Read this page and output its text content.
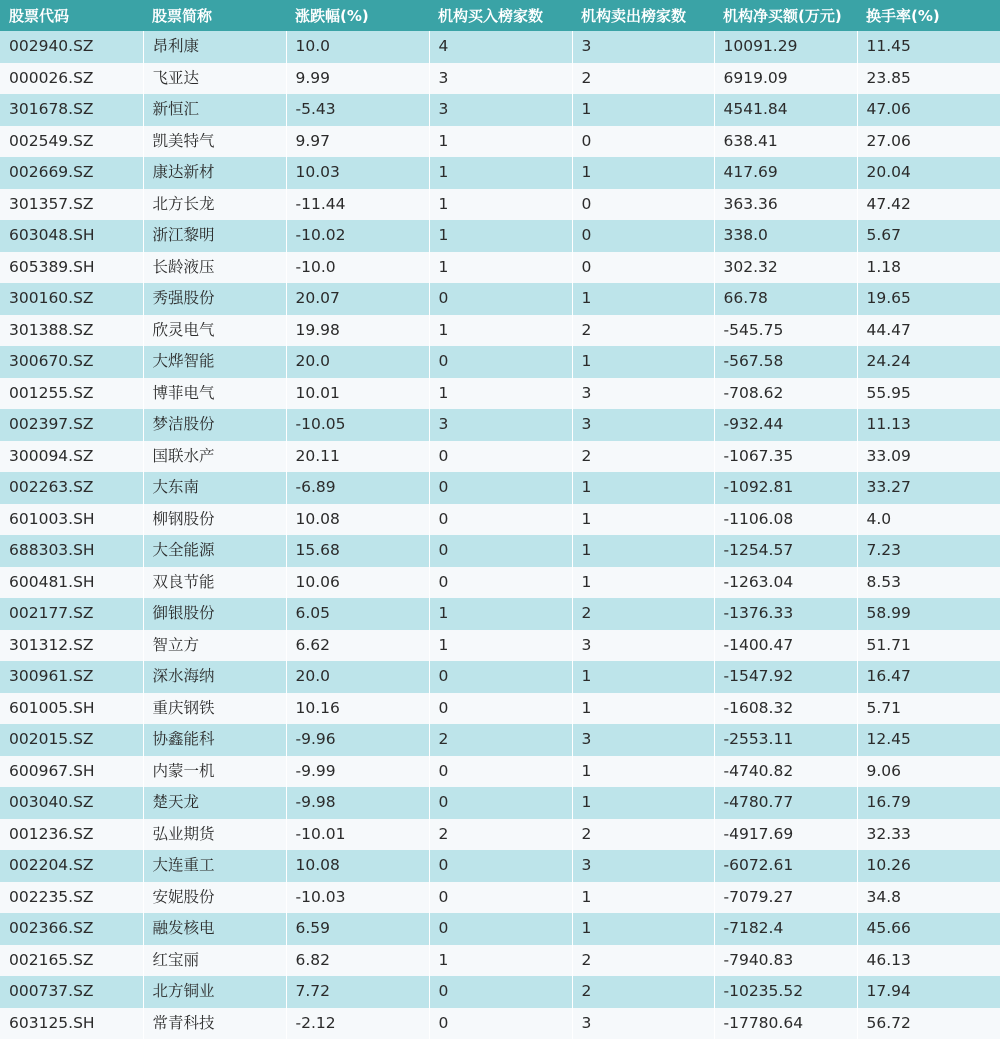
股票代码	股票简称	涨跌幅(%)	机构买入榜家数	机构卖出榜家数	机构净买额(万元)	换手率(%)
002940.SZ	昂利康	10.0	4	3	10091.29	11.45
000026.SZ	飞亚达	9.99	3	2	6919.09	23.85
301678.SZ	新恒汇	-5.43	3	1	4541.84	47.06
002549.SZ	凯美特气	9.97	1	0	638.41	27.06
002669.SZ	康达新材	10.03	1	1	417.69	20.04
301357.SZ	北方长龙	-11.44	1	0	363.36	47.42
603048.SH	浙江黎明	-10.02	1	0	338.0	5.67
605389.SH	长龄液压	-10.0	1	0	302.32	1.18
300160.SZ	秀强股份	20.07	0	1	66.78	19.65
301388.SZ	欣灵电气	19.98	1	2	-545.75	44.47
300670.SZ	大烨智能	20.0	0	1	-567.58	24.24
001255.SZ	博菲电气	10.01	1	3	-708.62	55.95
002397.SZ	梦洁股份	-10.05	3	3	-932.44	11.13
300094.SZ	国联水产	20.11	0	2	-1067.35	33.09
002263.SZ	大东南	-6.89	0	1	-1092.81	33.27
601003.SH	柳钢股份	10.08	0	1	-1106.08	4.0
688303.SH	大全能源	15.68	0	1	-1254.57	7.23
600481.SH	双良节能	10.06	0	1	-1263.04	8.53
002177.SZ	御银股份	6.05	1	2	-1376.33	58.99
301312.SZ	智立方	6.62	1	3	-1400.47	51.71
300961.SZ	深水海纳	20.0	0	1	-1547.92	16.47
601005.SH	重庆钢铁	10.16	0	1	-1608.32	5.71
002015.SZ	协鑫能科	-9.96	2	3	-2553.11	12.45
600967.SH	内蒙一机	-9.99	0	1	-4740.82	9.06
003040.SZ	楚天龙	-9.98	0	1	-4780.77	16.79
001236.SZ	弘业期货	-10.01	2	2	-4917.69	32.33
002204.SZ	大连重工	10.08	0	3	-6072.61	10.26
002235.SZ	安妮股份	-10.03	0	1	-7079.27	34.8
002366.SZ	融发核电	6.59	0	1	-7182.4	45.66
002165.SZ	红宝丽	6.82	1	2	-7940.83	46.13
000737.SZ	北方铜业	7.72	0	2	-10235.52	17.94
603125.SH	常青科技	-2.12	0	3	-17780.64	56.72
